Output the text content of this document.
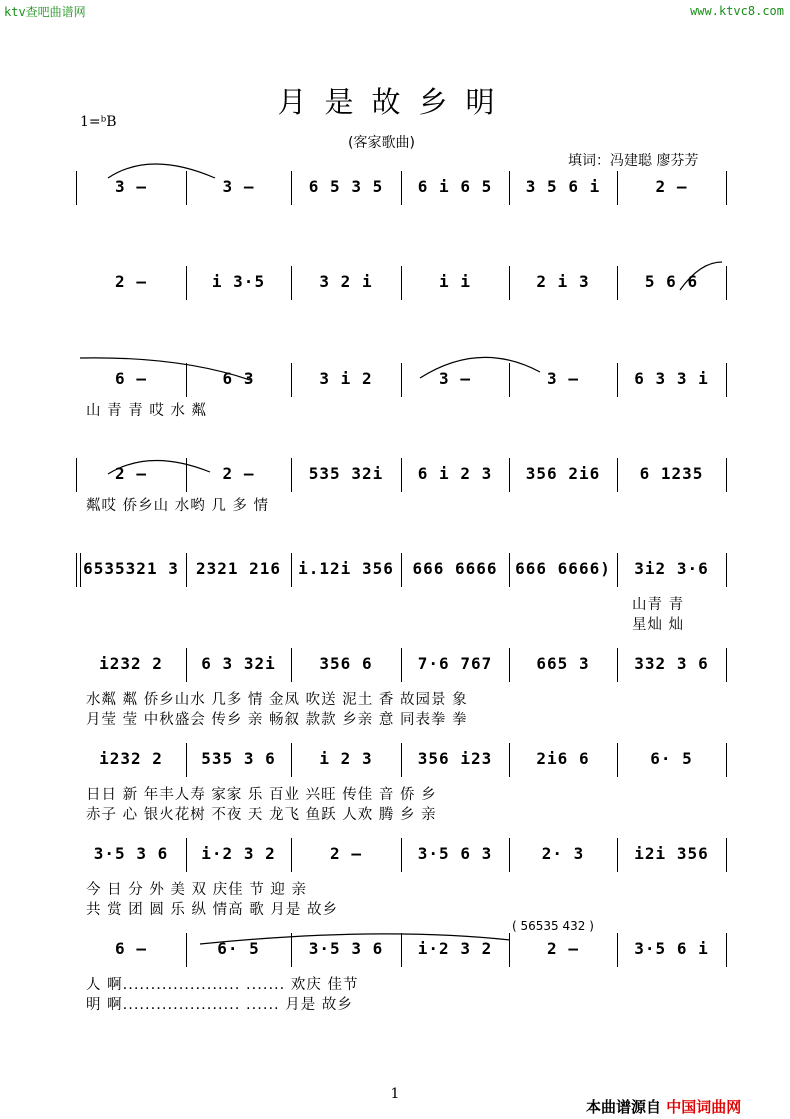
ktv查吧曲谱网	www.ktvc8.com
月是故乡明
1=ᵇB
(客家歌曲)
填词：冯建聪 廖芬芳
3 –	3 –	6 5 3 5	6 i 6 5	3 5 6 i	2 –
2 –	i 3·5	3 2 i	i i	2 i 3	5 6 6
6 –	6 3	3 i 2	3 –	3 –	6 3 3 i
山 青 青 哎 水 粼
2 –	2 –	535 32i	6 i 2 3	356 2i6	6 1235
粼哎 侨乡山 水哟 几 多 情
6535321 3	2321 216	i.12i 356	666 6666	666 6666)	3i2 3·6
山青 青
星灿 灿
i232 2	6 3 32i	356 6	7·6 767	665 3	332 3 6
水粼 粼 侨乡山水 几多 情 金凤 吹送 泥土 香 故园景 象
月莹 莹 中秋盛会 传乡 亲 畅叙 款款 乡亲 意 同表拳 拳
i232 2	535 3 6	i 2 3	356 i23	2i6 6	6· 5
日日 新 年丰人寿 家家 乐 百业 兴旺 传佳 音 侨 乡
赤子 心 银火花树 不夜 天 龙飞 鱼跃 人欢 腾 乡 亲
3·5 3 6	i·2 3 2	2 –	3·5 6 3	2· 3	i2i 356
今 日 分 外 美 双 庆佳 节 迎 亲
共 赏 团 圆 乐 纵 情高 歌 月是 故乡
6 –	6· 5	3·5 3 6	i·2 3 2	2 –	3·5 6 i
人 啊..................... ....... 欢庆 佳节
明 啊..................... ...... 月是 故乡
( 56535 432 )
1
本曲谱源自 中国词曲网
